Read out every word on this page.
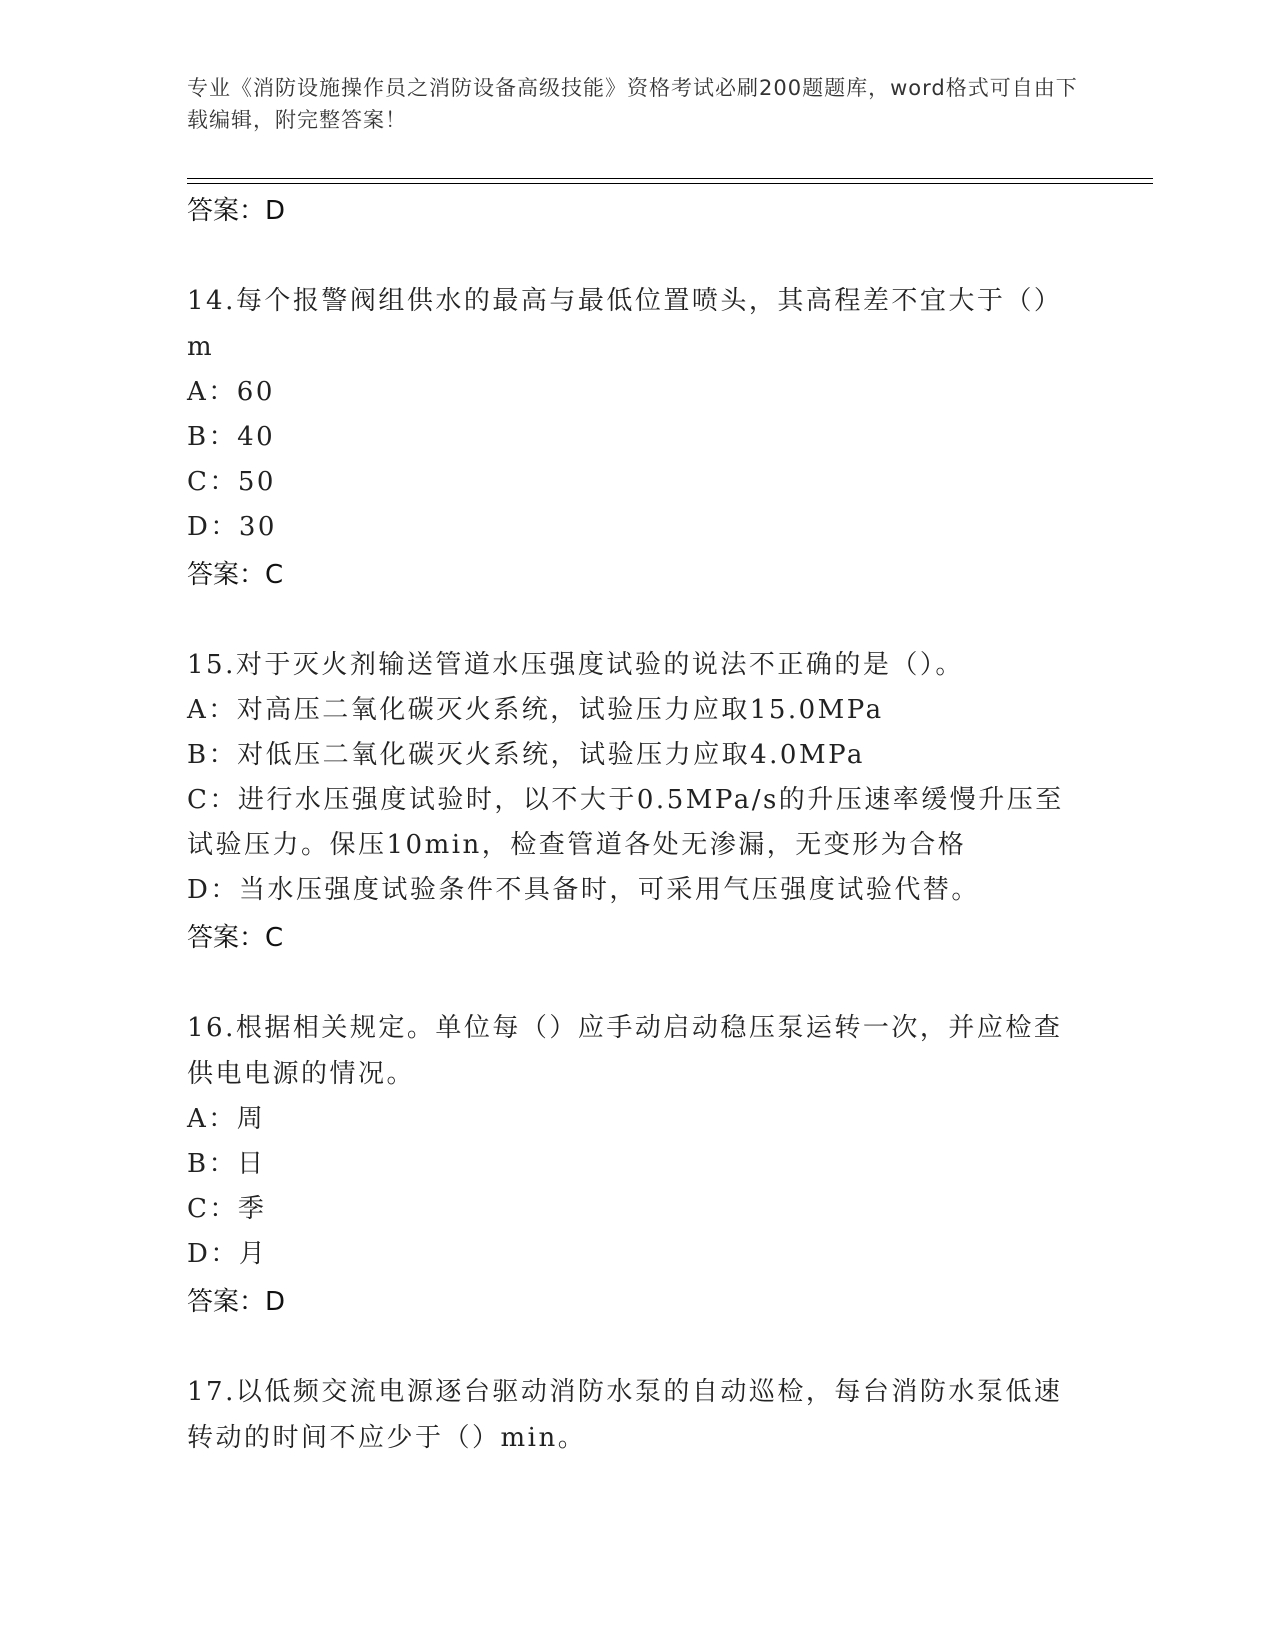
专业《消防设施操作员之消防设备高级技能》资格考试必刷200题题库，word格式可自由下载编辑，附完整答案！
答案：D
14.每个报警阀组供水的最高与最低位置喷头，其高程差不宜大于（）m
A：60
B：40
C：50
D：30
答案：C
15.对于灭火剂输送管道水压强度试验的说法不正确的是（）。
A：对高压二氧化碳灭火系统，试验压力应取15.0MPa
B：对低压二氧化碳灭火系统，试验压力应取4.0MPa
C：进行水压强度试验时，以不大于0.5MPa/s的升压速率缓慢升压至试验压力。保压10min，检查管道各处无渗漏，无变形为合格
D：当水压强度试验条件不具备时，可采用气压强度试验代替。
答案：C
16.根据相关规定。单位每（）应手动启动稳压泵运转一次，并应检查供电电源的情况。
A：周
B：日
C：季
D：月
答案：D
17.以低频交流电源逐台驱动消防水泵的自动巡检，每台消防水泵低速转动的时间不应少于（）min。
